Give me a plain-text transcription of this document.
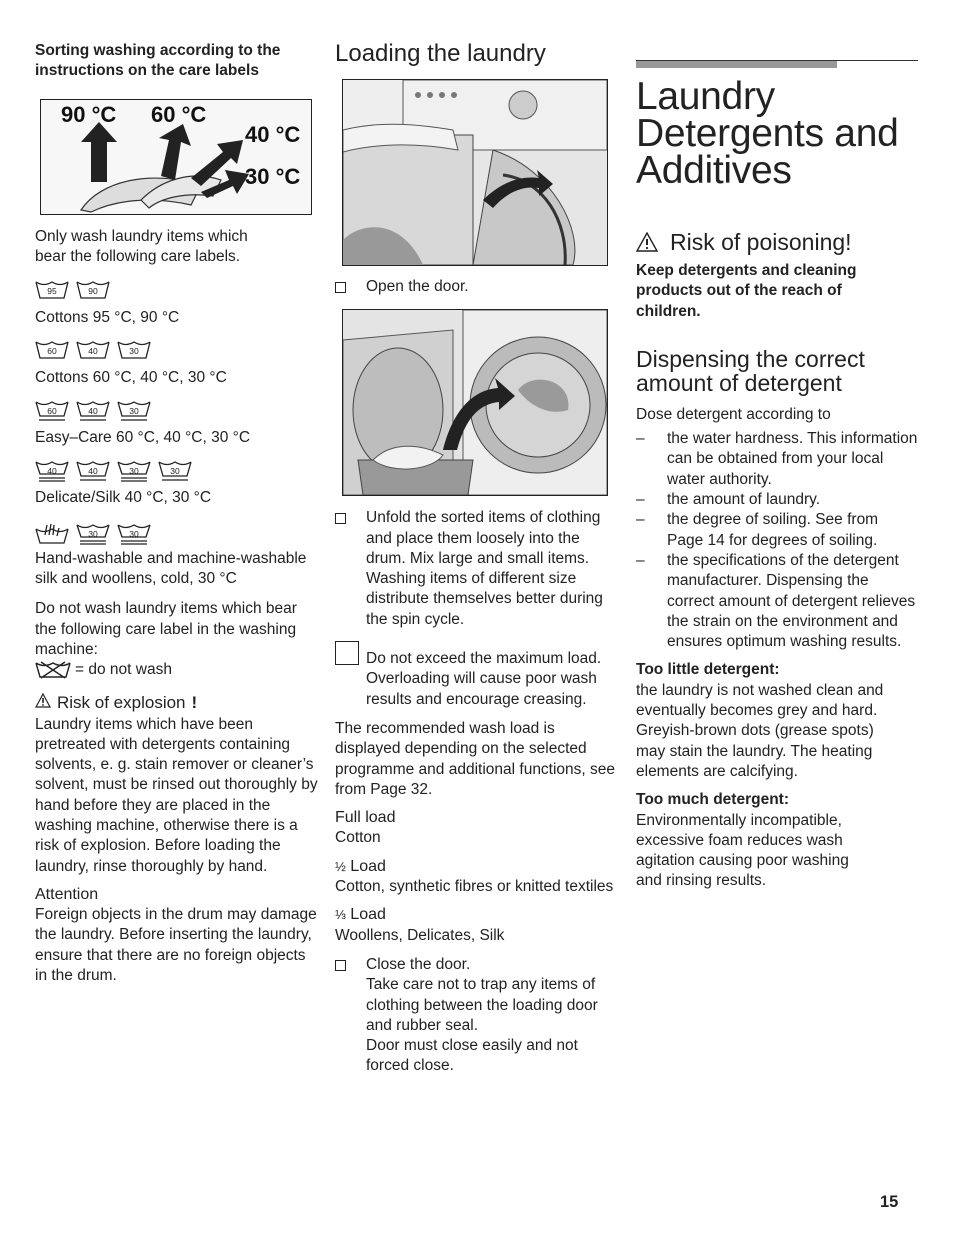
Sorting washing according to the instructions on the care labels

90 °C 60 °C
40 °C
30 °C

Only wash laundry items which bear the following care labels.

95	90

Cottons 95 °C, 90 °C

60	40	30

Cottons 60 °C, 40 °C, 30 °C

60	40	30

Easy–Care 60 °C, 40 °C, 30 °C

40	40	30	30

Delicate/Silk 40 °C, 30 °C

30	30

Hand-washable and machine-washable silk and woollens, cold, 30 °C

Do not wash laundry items which bear the following care label in the washing machine:

= do not wash
Risk of explosion !

Laundry items which have been pretreated with detergents containing solvents, e. g. stain remover or cleaner’s solvent, must be rinsed out thoroughly by hand before they are placed in the washing machine, otherwise there is a risk of explosion. Before loading the laundry, rinse thoroughly by hand.

Attention

Foreign objects in the drum may damage the laundry. Before inserting the laundry, ensure that there are no foreign objects in the drum.

Loading the laundry
Open the door.
Unfold the sorted items of clothing and place them loosely into the drum. Mix large and small items. Washing items of different size distribute themselves better during the spin cycle.
Do not exceed the maximum load. Overloading will cause poor wash results and encourage creasing.

The recommended wash load is displayed depending on the selected programme and additional functions, see from Page 32.

Full load
Cotton
½ Load
Cotton, synthetic fibres or knitted textiles
⅓ Load
Woollens, Delicates, Silk
Close the door.
Take care not to trap any items of clothing between the loading door and rubber seal.
Door must close easily and not forced close.
Laundry Detergents and Additives
Risk of poisoning!

Keep detergents and cleaning products out of the reach of children.

Dispensing the correct amount of detergent

Dose detergent according to

–	the water hardness. This information can be obtained from your local water authority.
–	the amount of laundry.
–	the degree of soiling. See from Page 14 for degrees of soiling.
–	the specifications of the detergent manufacturer. Dispensing the correct amount of detergent relieves the strain on the environment and ensures optimum washing results.

Too little detergent:

the laundry is not washed clean and eventually becomes grey and hard. Greyish-brown dots (grease spots) may stain the laundry. The heating elements are calcifying.

Too much detergent:

Environmentally incompatible, excessive foam reduces wash agitation causing poor washing and rinsing results.

15
